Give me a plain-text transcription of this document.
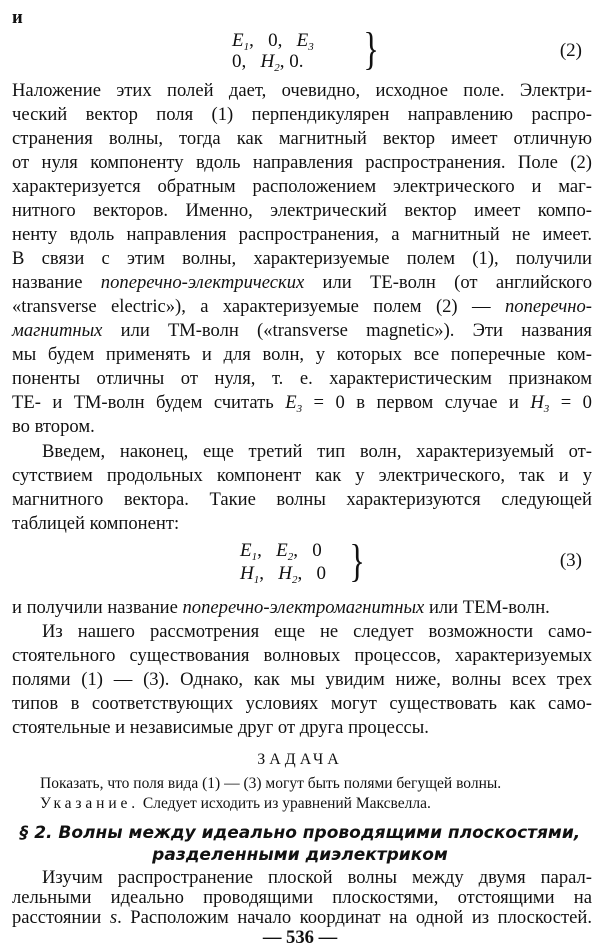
и
$E_1$, 0, $E_3$
0, $H_2$, 0. }	(2)
Наложение этих полей дает, очевидно, исходное поле. Электри-
ческий вектор поля (1) перпендикулярен направлению распро-
странения волны, тогда как магнитный вектор имеет отличную
от нуля компоненту вдоль направления распространения. Поле (2)
характеризуется обратным расположением электрического и маг-
нитного векторов. Именно, электрический вектор имеет компо-
ненту вдоль направления распространения, а магнитный не имеет.
В связи с этим волны, характеризуемые полем (1), получили
название поперечно-электрических или ТЕ-волн (от английского
«transverse electric»), а характеризуемые полем (2) — поперечно-
магнитных или ТМ-волн («transverse magnetic»). Эти названия
мы будем применять и для волн, у которых все поперечные ком-
поненты отличны от нуля, т. е. характеристическим признаком
ТЕ- и ТМ-волн будем считать $E_3 = 0$ в первом случае и $H_3 = 0$
во втором.
Введем, наконец, еще третий тип волн, характеризуемый от-
сутствием продольных компонент как у электрического, так и у
магнитного вектора. Такие волны характеризуются следующей
таблицей компонент:
$E_1$, $E_2$, 0
$H_1$, $H_2$, 0 }	(3)
и получили название поперечно-электромагнитных или ТЕМ-волн.
Из нашего рассмотрения еще не следует возможности само-
стоятельного существования волновых процессов, характеризуемых
полями (1) — (3). Однако, как мы увидим ниже, волны всех трех
типов в соответствующих условиях могут существовать как само-
стоятельные и независимые друг от друга процессы.
ЗАДАЧА
Показать, что поля вида (1) — (3) могут быть полями бегущей волны.
Указание. Следует исходить из уравнений Максвелла.
§ 2. Волны между идеально проводящими плоскостями,
разделенными диэлектриком
Изучим распространение плоской волны между двумя парал-
лельными идеально проводящими плоскостями, отстоящими на
расстоянии s. Расположим начало координат на одной из плоскостей.
— 536 —
